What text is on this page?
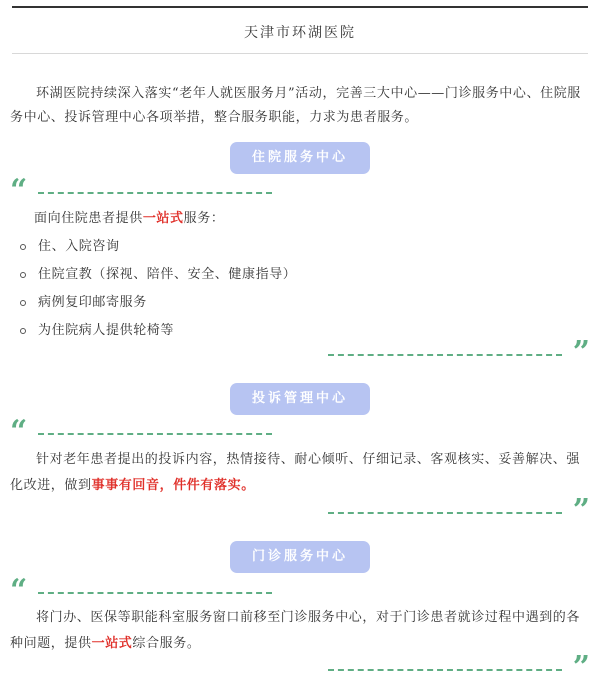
天津市环湖医院

环湖医院持续深入落实“老年人就医服务月”活动，完善三大中心——门诊服务中心、住院服务中心、投诉管理中心各项举措，整合服务职能，力求为患者服务。

住院服务中心
“
面向住院患者提供一站式服务：
住、入院咨询
住院宣教（探视、陪伴、安全、健康指导）
病例复印邮寄服务
为住院病人提供轮椅等
”
投诉管理中心
“

针对老年患者提出的投诉内容，热情接待、耐心倾听、仔细记录、客观核实、妥善解决、强化改进，做到事事有回音，件件有落实。

”
门诊服务中心
“

将门办、医保等职能科室服务窗口前移至门诊服务中心，对于门诊患者就诊过程中遇到的各种问题，提供一站式综合服务。

”
